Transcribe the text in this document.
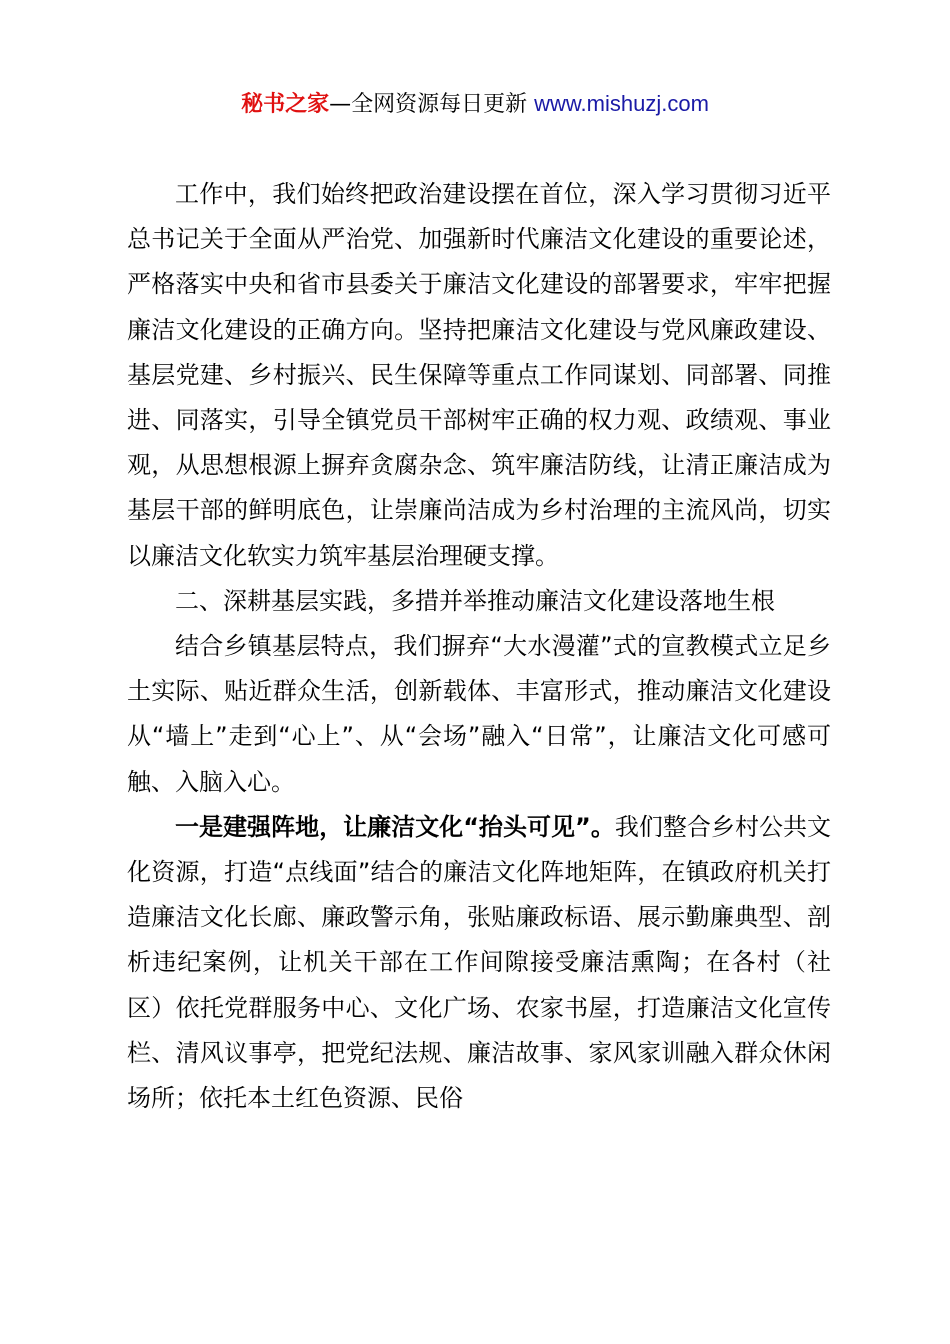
秘书之家—全网资源每日更新 www.mishuzj.com

工作中，我们始终把政治建设摆在首位，深入学习贯彻习近平总书记关于全面从严治党、加强新时代廉洁文化建设的重要论述，严格落实中央和省市县委关于廉洁文化建设的部署要求，牢牢把握廉洁文化建设的正确方向。坚持把廉洁文化建设与党风廉政建设、基层党建、乡村振兴、民生保障等重点工作同谋划、同部署、同推进、同落实，引导全镇党员干部树牢正确的权力观、政绩观、事业观，从思想根源上摒弃贪腐杂念、筑牢廉洁防线，让清正廉洁成为基层干部的鲜明底色，让崇廉尚洁成为乡村治理的主流风尚，切实以廉洁文化软实力筑牢基层治理硬支撑。

二、深耕基层实践，多措并举推动廉洁文化建设落地生根

结合乡镇基层特点，我们摒弃“大水漫灌”式的宣教模式立足乡土实际、贴近群众生活，创新载体、丰富形式，推动廉洁文化建设从“墙上”走到“心上”、从“会场”融入“日常”，让廉洁文化可感可触、入脑入心。

一是建强阵地，让廉洁文化“抬头可见”。我们整合乡村公共文化资源，打造“点线面”结合的廉洁文化阵地矩阵，在镇政府机关打造廉洁文化长廊、廉政警示角，张贴廉政标语、展示勤廉典型、剖析违纪案例，让机关干部在工作间隙接受廉洁熏陶；在各村（社区）依托党群服务中心、文化广场、农家书屋，打造廉洁文化宣传栏、清风议事亭，把党纪法规、廉洁故事、家风家训融入群众休闲场所；依托本土红色资源、民俗
